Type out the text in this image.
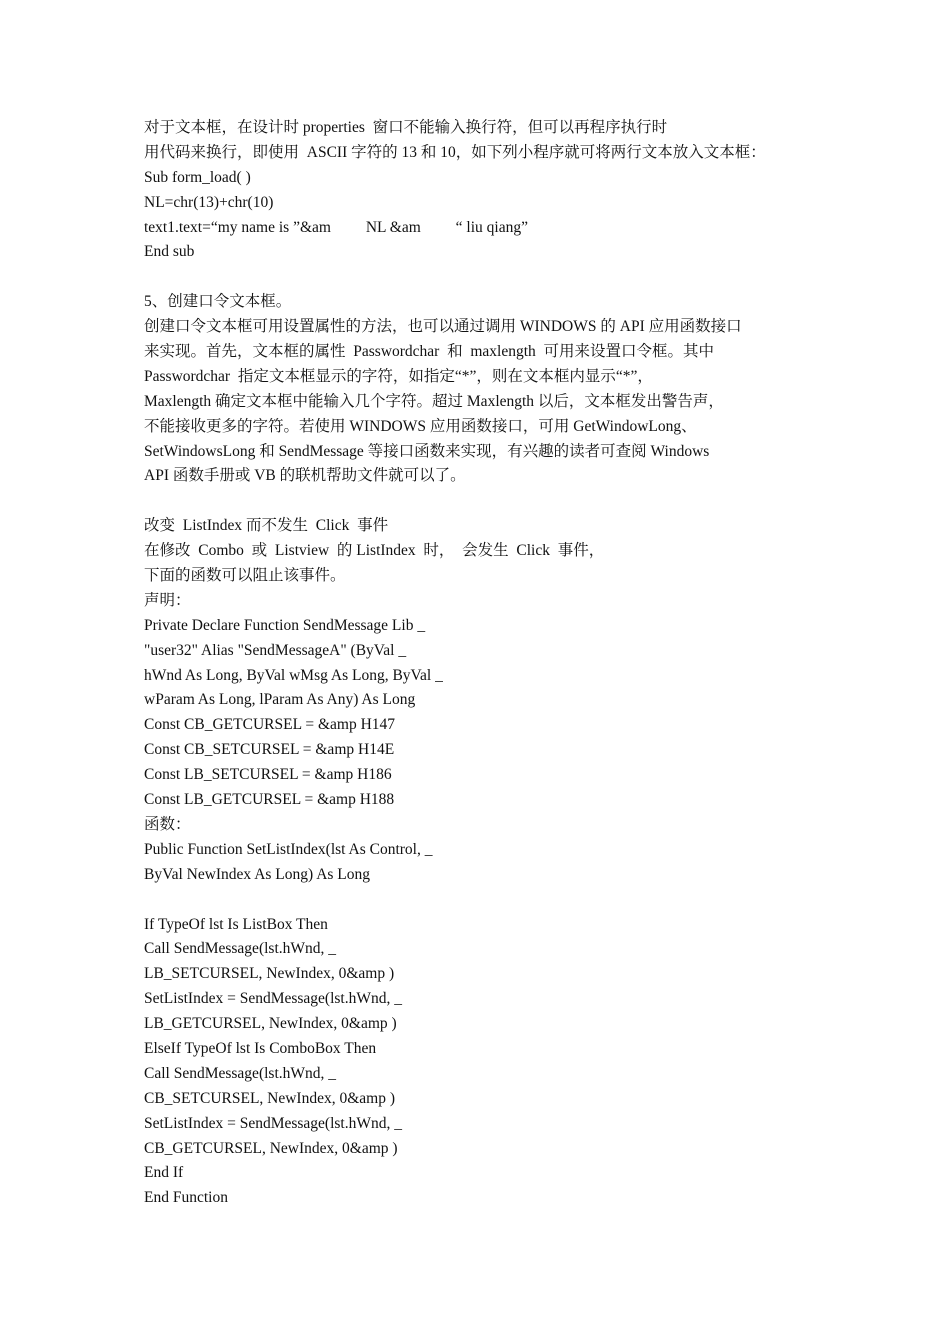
对于文本框，在设计时 properties  窗口不能输入换行符，但可以再程序执行时
用代码来换行，即使用  ASCII 字符的 13 和 10，如下列小程序就可将两行文本放入文本框：
Sub form_load( )
NL=chr(13)+chr(10)
text1.text=“my name is ”&am         NL &am         “ liu qiang”
End sub
5、创建口令文本框。
创建口令文本框可用设置属性的方法，也可以通过调用 WINDOWS 的 API 应用函数接口
来实现。首先，文本框的属性  Passwordchar  和  maxlength  可用来设置口令框。其中
Passwordchar  指定文本框显示的字符，如指定“*”，则在文本框内显示“*”，
Maxlength 确定文本框中能输入几个字符。超过 Maxlength 以后，文本框发出警告声，
不能接收更多的字符。若使用 WINDOWS 应用函数接口，可用 GetWindowLong、
SetWindowsLong 和 SendMessage 等接口函数来实现，有兴趣的读者可查阅 Windows
API 函数手册或 VB 的联机帮助文件就可以了。
改变  ListIndex 而不发生  Click  事件
在修改  Combo  或  Listview  的 ListIndex  时，  会发生  Click  事件，
下面的函数可以阻止该事件。
声明：
Private Declare Function SendMessage Lib _
"user32" Alias "SendMessageA" (ByVal _
hWnd As Long, ByVal wMsg As Long, ByVal _
wParam As Long, lParam As Any) As Long
Const CB_GETCURSEL = &amp H147
Const CB_SETCURSEL = &amp H14E
Const LB_SETCURSEL = &amp H186
Const LB_GETCURSEL = &amp H188
函数：
Public Function SetListIndex(lst As Control, _
ByVal NewIndex As Long) As Long
If TypeOf lst Is ListBox Then
Call SendMessage(lst.hWnd, _
LB_SETCURSEL, NewIndex, 0&amp )
SetListIndex = SendMessage(lst.hWnd, _
LB_GETCURSEL, NewIndex, 0&amp )
ElseIf TypeOf lst Is ComboBox Then
Call SendMessage(lst.hWnd, _
CB_SETCURSEL, NewIndex, 0&amp )
SetListIndex = SendMessage(lst.hWnd, _
CB_GETCURSEL, NewIndex, 0&amp )
End If
End Function
